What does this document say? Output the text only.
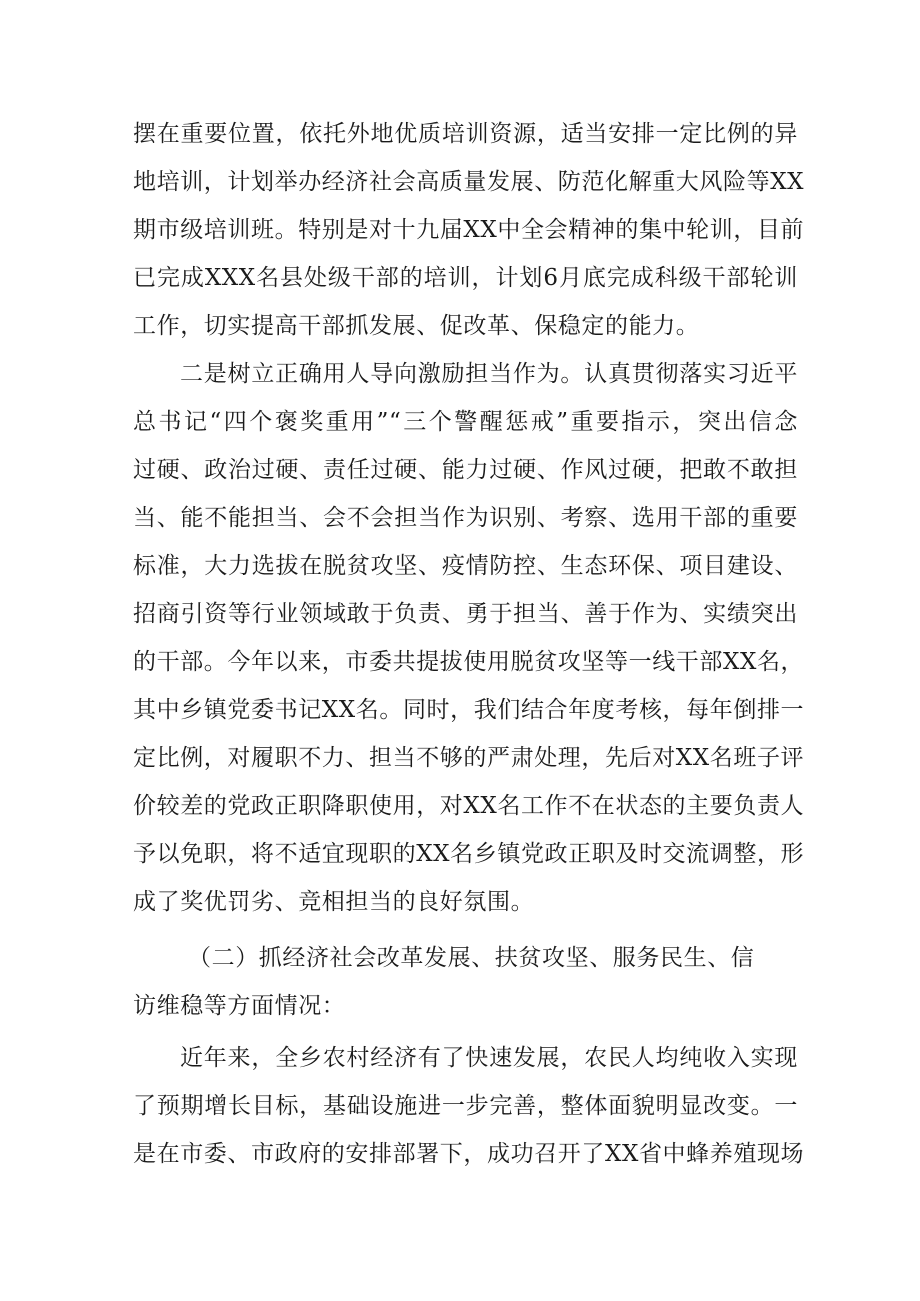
摆在重要位置，依托外地优质培训资源，适当安排一定比例的异
地培训，计划举办经济社会高质量发展、防范化解重大风险等XX
期市级培训班。特别是对十九届XX中全会精神的集中轮训，目前
已完成XXX名县处级干部的培训，计划6月底完成科级干部轮训
工作，切实提高干部抓发展、促改革、保稳定的能力。
二是树立正确用人导向激励担当作为。认真贯彻落实习近平
总书记“四个褒奖重用”“三个警醒惩戒”重要指示，突出信念
过硬、政治过硬、责任过硬、能力过硬、作风过硬，把敢不敢担
当、能不能担当、会不会担当作为识别、考察、选用干部的重要
标准，大力选拔在脱贫攻坚、疫情防控、生态环保、项目建设、
招商引资等行业领域敢于负责、勇于担当、善于作为、实绩突出
的干部。今年以来，市委共提拔使用脱贫攻坚等一线干部XX名，
其中乡镇党委书记XX名。同时，我们结合年度考核，每年倒排一
定比例，对履职不力、担当不够的严肃处理，先后对XX名班子评
价较差的党政正职降职使用，对XX名工作不在状态的主要负责人
予以免职，将不适宜现职的XX名乡镇党政正职及时交流调整，形
成了奖优罚劣、竞相担当的良好氛围。
（二）抓经济社会改革发展、扶贫攻坚、服务民生、信
访维稳等方面情况：
近年来，全乡农村经济有了快速发展，农民人均纯收入实现
了预期增长目标，基础设施进一步完善，整体面貌明显改变。一
是在市委、市政府的安排部署下，成功召开了XX省中蜂养殖现场
